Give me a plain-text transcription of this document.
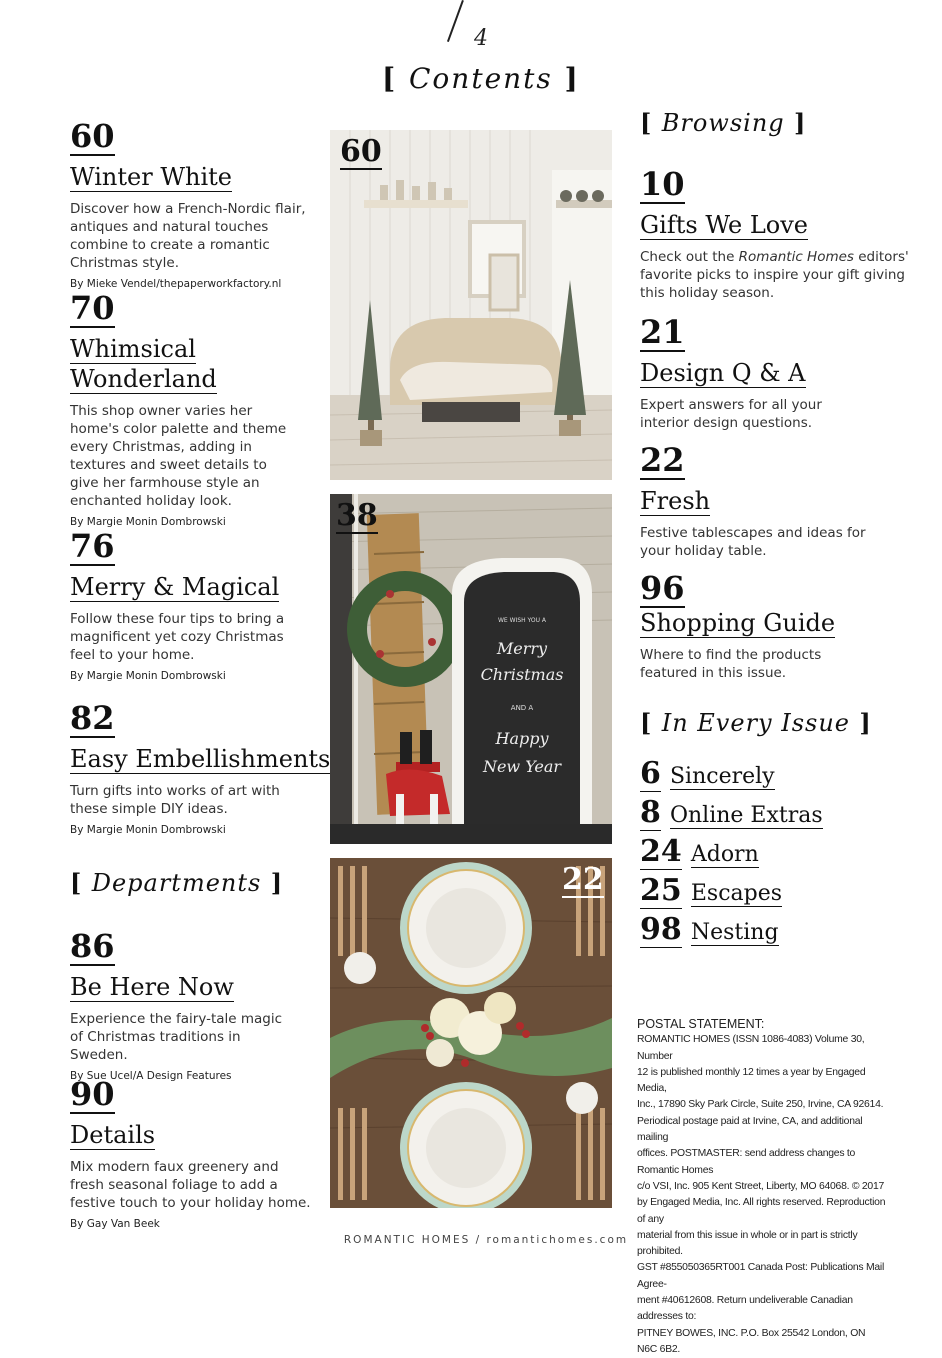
4
[ Contents ]
60
Winter White
Discover how a French-Nordic flair, antiques and natural touches combine to create a romantic Christmas style.
By Mieke Vendel/thepaperworkfactory.nl
70
Whimsical Wonderland
This shop owner varies her home's color palette and theme every Christmas, adding in textures and sweet details to give her farmhouse style an enchanted holiday look.
By Margie Monin Dombrowski
76
Merry & Magical
Follow these four tips to bring a magnificent yet cozy Christmas feel to your home.
By Margie Monin Dombrowski
82
Easy Embellishments
Turn gifts into works of art with these simple DIY ideas.
By Margie Monin Dombrowski
[ Departments ]
86
Be Here Now
Experience the fairy-tale magic of Christmas traditions in Sweden.
By Sue Ucel/A Design Features
90
Details
Mix modern faux greenery and fresh seasonal foliage to add a festive touch to your holiday home.
By Gay Van Beek
60
WE WISH YOU A
Merry
Christmas
AND A
Happy
New Year
38
22
[ Browsing ]
10
Gifts We Love
Check out the Romantic Homes editors' favorite picks to inspire your gift giving this holiday season.
21
Design Q & A
Expert answers for all your interior design questions.
22
Fresh
Festive tablescapes and ideas for your holiday table.
96
Shopping Guide
Where to find the products featured in this issue.
[ In Every Issue ]
6 Sincerely
8 Online Extras
24 Adorn
25 Escapes
98 Nesting

POSTAL STATEMENT:

ROMANTIC HOMES (ISSN 1086-4083) Volume 30, Number

12 is published monthly 12 times a year by Engaged Media,

Inc., 17890 Sky Park Circle, Suite 250, Irvine, CA 92614.

Periodical postage paid at Irvine, CA, and additional mailing

offices. POSTMASTER: send address changes to Romantic Homes

c/o VSI, Inc. 905 Kent Street, Liberty, MO 64068. © 2017

by Engaged Media, Inc. All rights reserved. Reproduction of any

material from this issue in whole or in part is strictly prohibited.

GST #855050365RT001 Canada Post: Publications Mail Agree-

ment #40612608. Return undeliverable Canadian addresses to:

PITNEY BOWES, INC. P.O. Box 25542 London, ON N6C 6B2.

ROMANTIC HOMES / romantichomes.com
